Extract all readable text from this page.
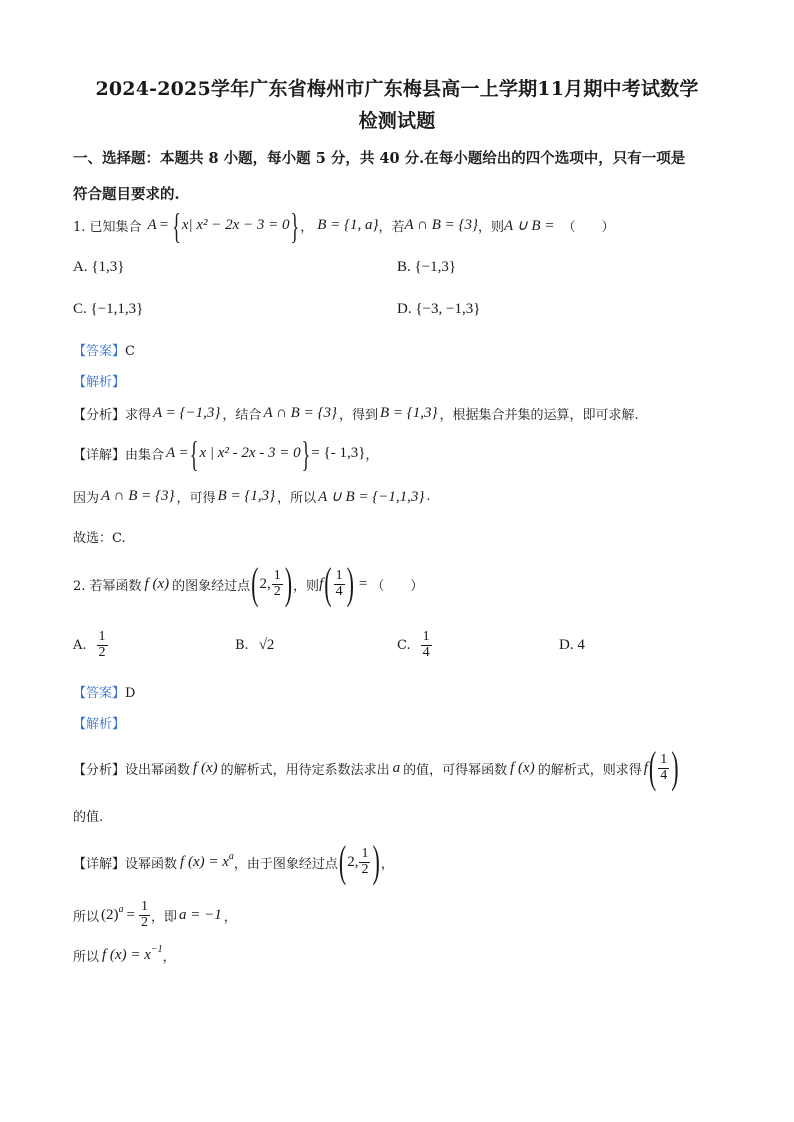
2024-2025学年广东省梅州市广东梅县高一上学期11月期中考试数学
检测试题
一、选择题：本题共 8 小题，每小题 5 分，共 40 分.在每小题给出的四个选项中，只有一项是
符合题目要求的.
1. 已知集合 A = { x| x² − 2x − 3 = 0 } ， B = {1, a} ，若 A ∩ B = {3} ，则 A ∪ B = （　　）
A. {1,3}	B. {−1,3}
C. {−1,1,3}	D. {−3, −1,3}
【答案】C
【解析】
【分析】 求得 A = {−1,3} ，结合 A ∩ B = {3} ，得到 B = {1,3} ，根据集合并集的运算，即可求解.
【详解】 由集合 A = { x | x² - 2x - 3 = 0 } = {- 1,3} ，
因为 A ∩ B = {3} ，可得 B = {1,3} ，所以 A ∪ B = {−1,1,3} .
故选：C.
2. 若幂函数 f (x) 的图象经过点 ( 2, $\frac{1}{2}$ ) ，则 f ( $\frac{1}{4}$ ) = （　　）
A. $\frac{1}{2}$	B. √2	C. $\frac{1}{4}$	D. 4
【答案】D
【解析】
【分析】 设出幂函数 f (x) 的解析式，用待定系数法求出 a 的值，可得幂函数 f (x) 的解析式，则求得 f ( $\frac{1}{4}$ )
的值.
【详解】 设幂函数 f (x) = x a
，由于图象经过点 ( 2, $\frac{1}{2}$ ) ，
所以 (2) $a = \frac{1}{2}$ ，即 a = −1 ，
所以 f (x) = x −1
，
